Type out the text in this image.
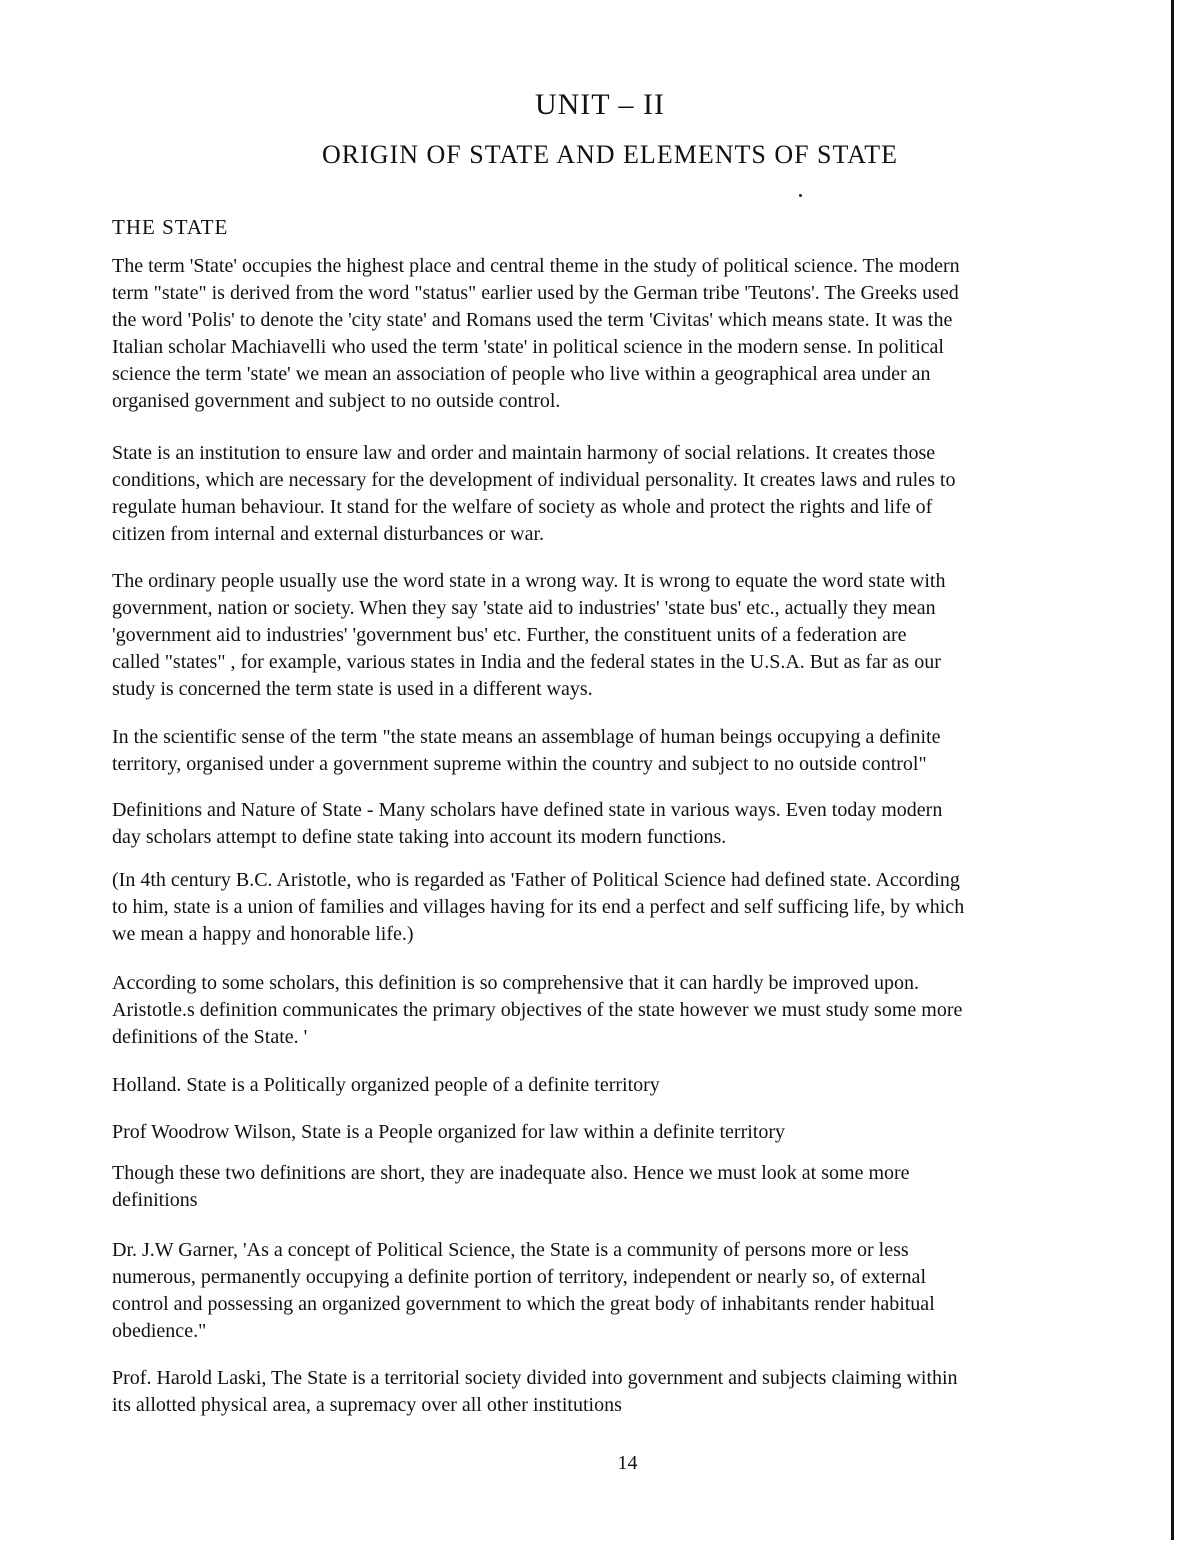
UNIT – II
ORIGIN OF STATE AND ELEMENTS OF STATE
THE STATE
The term 'State' occupies the highest place and central theme in the study of political science. The modern
term "state" is derived from the word "status" earlier used by the German tribe 'Teutons'. The Greeks used
the word 'Polis' to denote the 'city state' and Romans used the term 'Civitas' which means state. It was the
Italian scholar Machiavelli who used the term 'state' in political science in the modern sense. In political
science the term 'state' we mean an association of people who live within a geographical area under an
organised government and subject to no outside control.
State is an institution to ensure law and order and maintain harmony of social relations. It creates those
conditions, which are necessary for the development of individual personality. It creates laws and rules to
regulate human behaviour. It stand for the welfare of society as whole and protect the rights and life of
citizen from internal and external disturbances or war.
The ordinary people usually use the word state in a wrong way. It is wrong to equate the word state with
government, nation or society. When they say 'state aid to industries' 'state bus' etc., actually they mean
'government aid to industries' 'government bus' etc. Further, the constituent units of a federation are
called "states" , for example, various states in India and the federal states in the U.S.A. But as far as our
study is concerned the term state is used in a different ways.
In the scientific sense of the term "the state means an assemblage of human beings occupying a definite
territory, organised under a government supreme within the country and subject to no outside control"
Definitions and Nature of State - Many scholars have defined state in various ways. Even today modern
day scholars attempt to define state taking into account its modern functions.
(In 4th century B.C. Aristotle, who is regarded as 'Father of Political Science had defined state. According
to him, state is a union of families and villages having for its end a perfect and self sufficing life, by which
we mean a happy and honorable life.)
According to some scholars, this definition is so comprehensive that it can hardly be improved upon.
Aristotle.s definition communicates the primary objectives of the state however we must study some more
definitions of the State. '
Holland. State is a Politically organized people of a definite territory
Prof Woodrow Wilson, State is a People organized for law within a definite territory
Though these two definitions are short, they are inadequate also. Hence we must look at some more
definitions
Dr. J.W Garner, 'As a concept of Political Science, the State is a community of persons more or less
numerous, permanently occupying a definite portion of territory, independent or nearly so, of external
control and possessing an organized government to which the great body of inhabitants render habitual
obedience."
Prof. Harold Laski, The State is a territorial society divided into government and subjects claiming within
its allotted physical area, a supremacy over all other institutions
14
